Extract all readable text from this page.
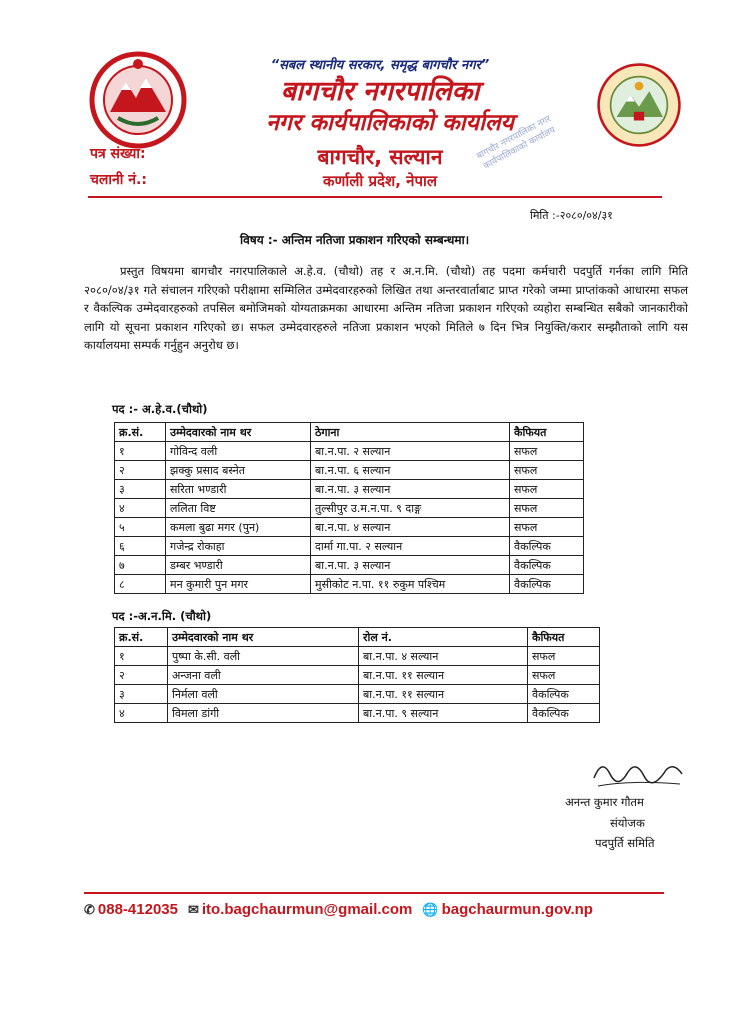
“सबल स्थानीय सरकार, समृद्ध बागचौर नगर”
बागचौर नगरपालिका
नगर कार्यपालिकाको कार्यालय
बागचौर, सल्यान
कर्णाली प्रदेश, नेपाल
पत्र संख्या:
चलानी नं.:
बागचौर नगरपालिका नगर कार्यपालिकाको कार्यालय
मिति :-२०८०/०४/३१
विषय :- अन्तिम नतिजा प्रकाशन गरिएको सम्बन्धमा।
प्रस्तुत विषयमा बागचौर नगरपालिकाले अ.हे.व. (चौथो) तह र अ.न.मि. (चौथो) तह पदमा कर्मचारी पदपुर्ति गर्नका लागि मिति २०८०/०४/३१ गते संचालन गरिएको परीक्षामा सम्मिलित उम्मेदवारहरुको लिखित तथा अन्तरवार्ताबाट प्राप्त गरेको जम्मा प्राप्तांकको आधारमा सफल र वैकल्पिक उम्मेदवारहरुको तपसिल बमोजिमको योग्यताक्रमका आधारमा अन्तिम नतिजा प्रकाशन गरिएको व्यहोरा सम्बन्धित सबैको जानकारीको लागि यो सूचना प्रकाशन गरिएको छ। सफल उम्मेदवारहरुले नतिजा प्रकाशन भएको मितिले ७ दिन भित्र नियुक्ति/करार सम्झौताको लागि यस कार्यालयमा सम्पर्क गर्नुहुन अनुरोध छ।
पद :- अ.हे.व.(चौथो)
क्र.सं.	उम्मेदवारको नाम थर	ठेगाना	कैफियत
१	गोविन्द वली	बा.न.पा. २ सल्यान	सफल
२	झक्कु प्रसाद बस्नेत	बा.न.पा. ६ सल्यान	सफल
३	सरिता भण्डारी	बा.न.पा. ३ सल्यान	सफल
४	ललिता विष्ट	तुल्सीपुर उ.म.न.पा. ९ दाङ्ग	सफल
५	कमला बुढा मगर (पुन)	बा.न.पा. ४ सल्यान	सफल
६	गजेन्द्र रोकाहा	दार्मा गा.पा. २ सल्यान	वैकल्पिक
७	डम्बर भण्डारी	बा.न.पा. ३ सल्यान	वैकल्पिक
८	मन कुमारी पुन मगर	मुसीकोट न.पा. ११ रुकुम पश्चिम	वैकल्पिक
पद :-अ.न.मि. (चौथो)
क्र.सं.	उम्मेदवारको नाम थर	रोल नं.	कैफियत
१	पुष्पा के.सी. वली	बा.न.पा. ४ सल्यान	सफल
२	अन्जना वली	बा.न.पा. ११ सल्यान	सफल
३	निर्मला वली	बा.न.पा. ११ सल्यान	वैकल्पिक
४	विमला डांगी	बा.न.पा. ९ सल्यान	वैकल्पिक
अनन्त कुमार गौतम
संयोजक
पदपुर्ति समिति
✆ 088-412035 ✉ ito.bagchaurmun@gmail.com 🌐 bagchaurmun.gov.np
